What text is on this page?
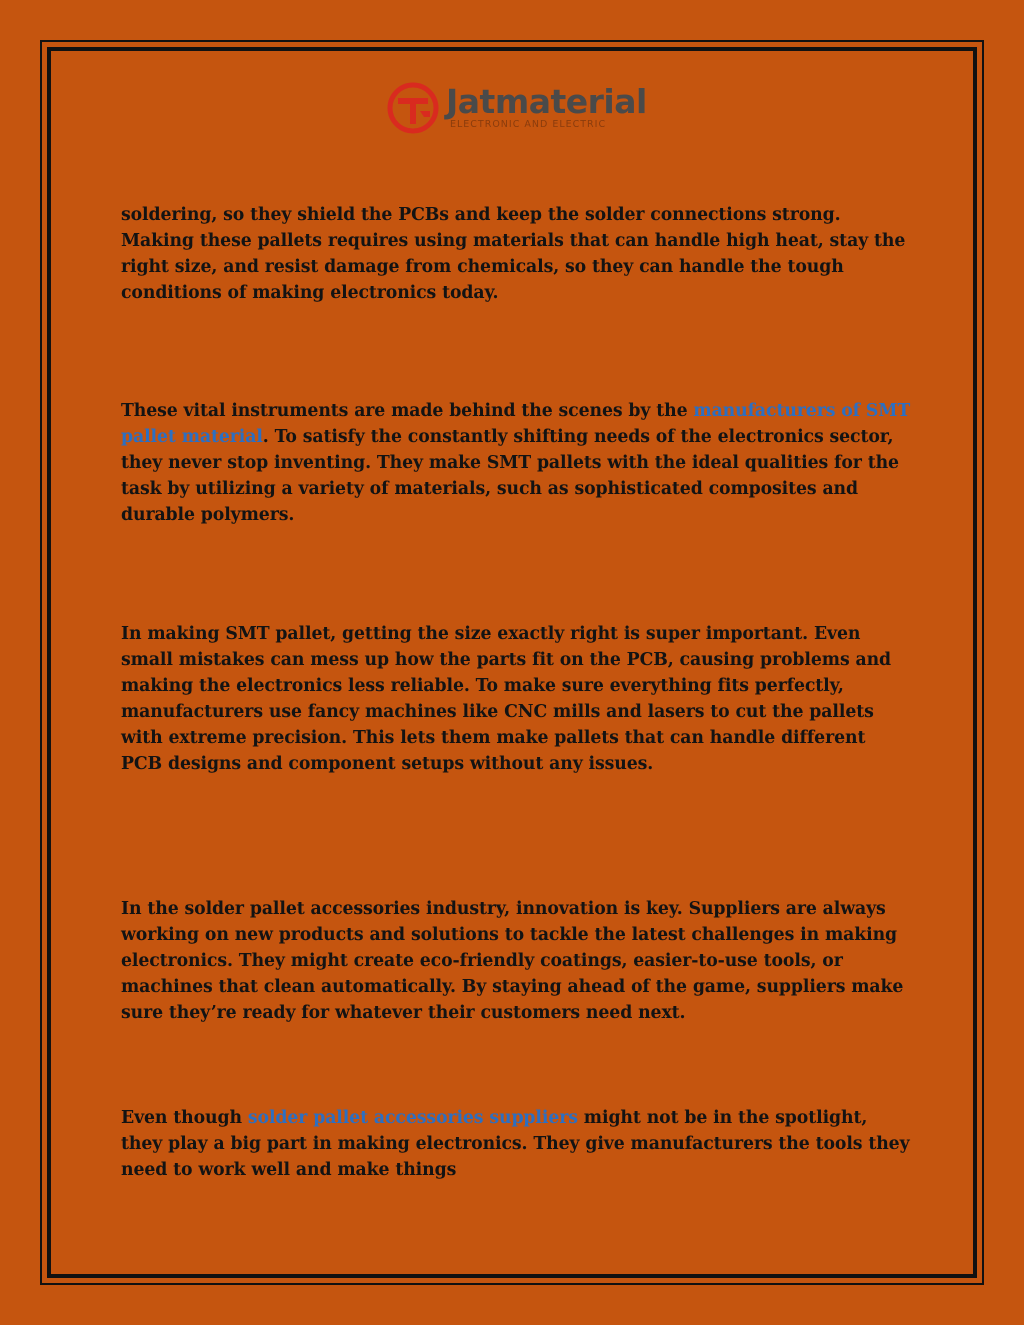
Jatmaterial
ELECTRONIC AND ELECTRIC

soldering, so they shield the PCBs and keep the solder connections strong. Making these pallets requires using materials that can handle high heat, stay the right size, and resist damage from chemicals, so they can handle the tough conditions of making electronics today.

These vital instruments are made behind the scenes by the manufacturers of SMT pallet material. To satisfy the constantly shifting needs of the electronics sector, they never stop inventing. They make SMT pallets with the ideal qualities for the task by utilizing a variety of materials, such as sophisticated composites and durable polymers.

In making SMT pallet, getting the size exactly right is super important. Even small mistakes can mess up how the parts fit on the PCB, causing problems and making the electronics less reliable. To make sure everything fits perfectly, manufacturers use fancy machines like CNC mills and lasers to cut the pallets with extreme precision. This lets them make pallets that can handle different PCB designs and component setups without any issues.

In the solder pallet accessories industry, innovation is key. Suppliers are always working on new products and solutions to tackle the latest challenges in making electronics. They might create eco-friendly coatings, easier-to-use tools, or machines that clean automatically. By staying ahead of the game, suppliers make sure they’re ready for whatever their customers need next.

Even though solder pallet accessories suppliers might not be in the spotlight, they play a big part in making electronics. They give manufacturers the tools they need to work well and make things
